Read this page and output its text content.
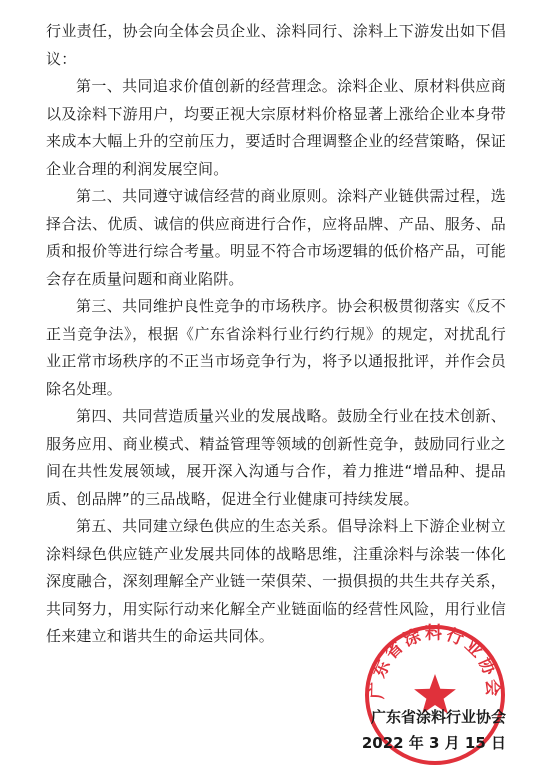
行业责任，协会向全体会员企业、涂料同行、涂料上下游发出如下倡议：

第一、共同追求价值创新的经营理念。涂料企业、原材料供应商以及涂料下游用户，均要正视大宗原材料价格显著上涨给企业本身带来成本大幅上升的空前压力，要适时合理调整企业的经营策略，保证企业合理的利润发展空间。

第二、共同遵守诚信经营的商业原则。涂料产业链供需过程，选择合法、优质、诚信的供应商进行合作，应将品牌、产品、服务、品质和报价等进行综合考量。明显不符合市场逻辑的低价格产品，可能会存在质量问题和商业陷阱。

第三、共同维护良性竞争的市场秩序。协会积极贯彻落实《反不正当竞争法》，根据《广东省涂料行业行约行规》的规定，对扰乱行业正常市场秩序的不正当市场竞争行为，将予以通报批评，并作会员除名处理。

第四、共同营造质量兴业的发展战略。鼓励全行业在技术创新、服务应用、商业模式、精益管理等领域的创新性竞争，鼓励同行业之间在共性发展领域，展开深入沟通与合作，着力推进“增品种、提品质、创品牌”的三品战略，促进全行业健康可持续发展。

第五、共同建立绿色供应的生态关系。倡导涂料上下游企业树立涂料绿色供应链产业发展共同体的战略思维，注重涂料与涂装一体化深度融合，深刻理解全产业链一荣俱荣、一损俱损的共生共存关系，共同努力，用实际行动来化解全产业链面临的经营性风险，用行业信任来建立和谐共生的命运共同体。

广东省涂料行业协会
广东省涂料行业协会
2022 年 3 月 15 日
